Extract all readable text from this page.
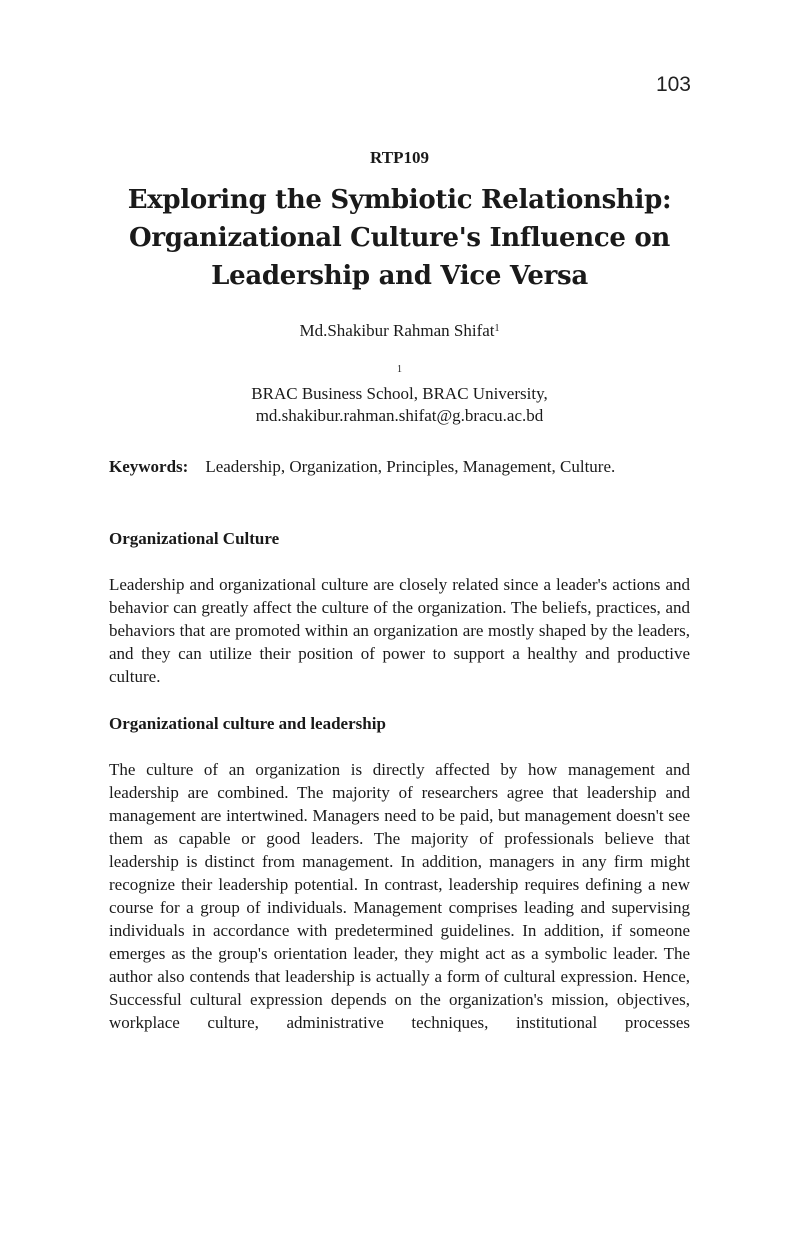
103

RTP109

Exploring the Symbiotic Relationship:
Organizational Culture's Influence on
Leadership and Vice Versa

Md.Shakibur Rahman Shifat$^1$

$^1$
BRAC Business School, BRAC University,
md.shakibur.rahman.shifat@g.bracu.ac.bd

Keywords: Leadership, Organization, Principles, Management, Culture.

Organizational Culture

Leadership and organizational culture are closely related since a leader's actions and behavior can greatly affect the culture of the organization. The beliefs, practices, and behaviors that are promoted within an organization are mostly shaped by the leaders, and they can utilize their position of power to support a healthy and productive culture.

Organizational culture and leadership

The culture of an organization is directly affected by how management and leadership are combined. The majority of researchers agree that leadership and management are intertwined. Managers need to be paid, but management doesn't see them as capable or good leaders. The majority of professionals believe that leadership is distinct from management. In addition, managers in any firm might recognize their leadership potential. In contrast, leadership requires defining a new course for a group of individuals. Management comprises leading and supervising individuals in accordance with predetermined guidelines. In addition, if someone emerges as the group's orientation leader, they might act as a symbolic leader. The author also contends that leadership is actually a form of cultural expression. Hence, Successful cultural expression depends on the organization's mission, objectives, workplace culture, administrative techniques, institutional processes
